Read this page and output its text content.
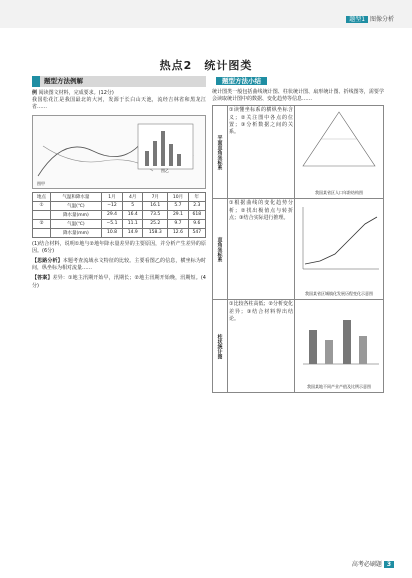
题型1 图像分析
热点2　统计图类
题型方法例解

例 阅读图文材料，完成要求。(12分)

我国松花江是我国最北的大河，发源于长白山天池，流经吉林省和黑龙江省……

图甲
图乙
地点	气温和降水量	1月	4月	7月	10月	年
①	气温(℃)	−12	5	16.1	5.7	2.3
	降水量(mm)	29.4	16.4	73.5	29.1	618
②	气温(℃)	−5.1	11.1	25.2	9.7	9.6
	降水量(mm)	10.8	14.9	158.3	12.6	547

(1)结合材料，说明①地与②地年降水量差异的主要原因，并分析产生差异的原因。(6分)

【思路分析】本题考查流域水文特征的比较。主要看图乙的信息，横坐标为时间，纵坐标为相对流量……

【答案】差异：①地主汛期开始早，汛期长；②地主汛期开始晚，汛期短。(4分)

题型方法小结

统计图类一般包括曲线统计图、柱状统计图、扇形统计图、折线图等，需要学会读取统计图中的数据、变化趋势等信息……

平面直角坐标系

①读懂坐标系的横纵坐标含义；②关注图中各点的位置；③分析数据之间的关系。

我国某省区人口年龄结构图
直角坐标系

①根据曲线的变化趋势分析；②找出极值点与转折点；③结合实际进行推理。

我国某省区城镇化发展历程变化示意图
柱状统计图

①比较各柱高低；②分析变化差异；③结合材料得出结论。

我国某地不同产业产值及比例示意图
高考必刷题 3
